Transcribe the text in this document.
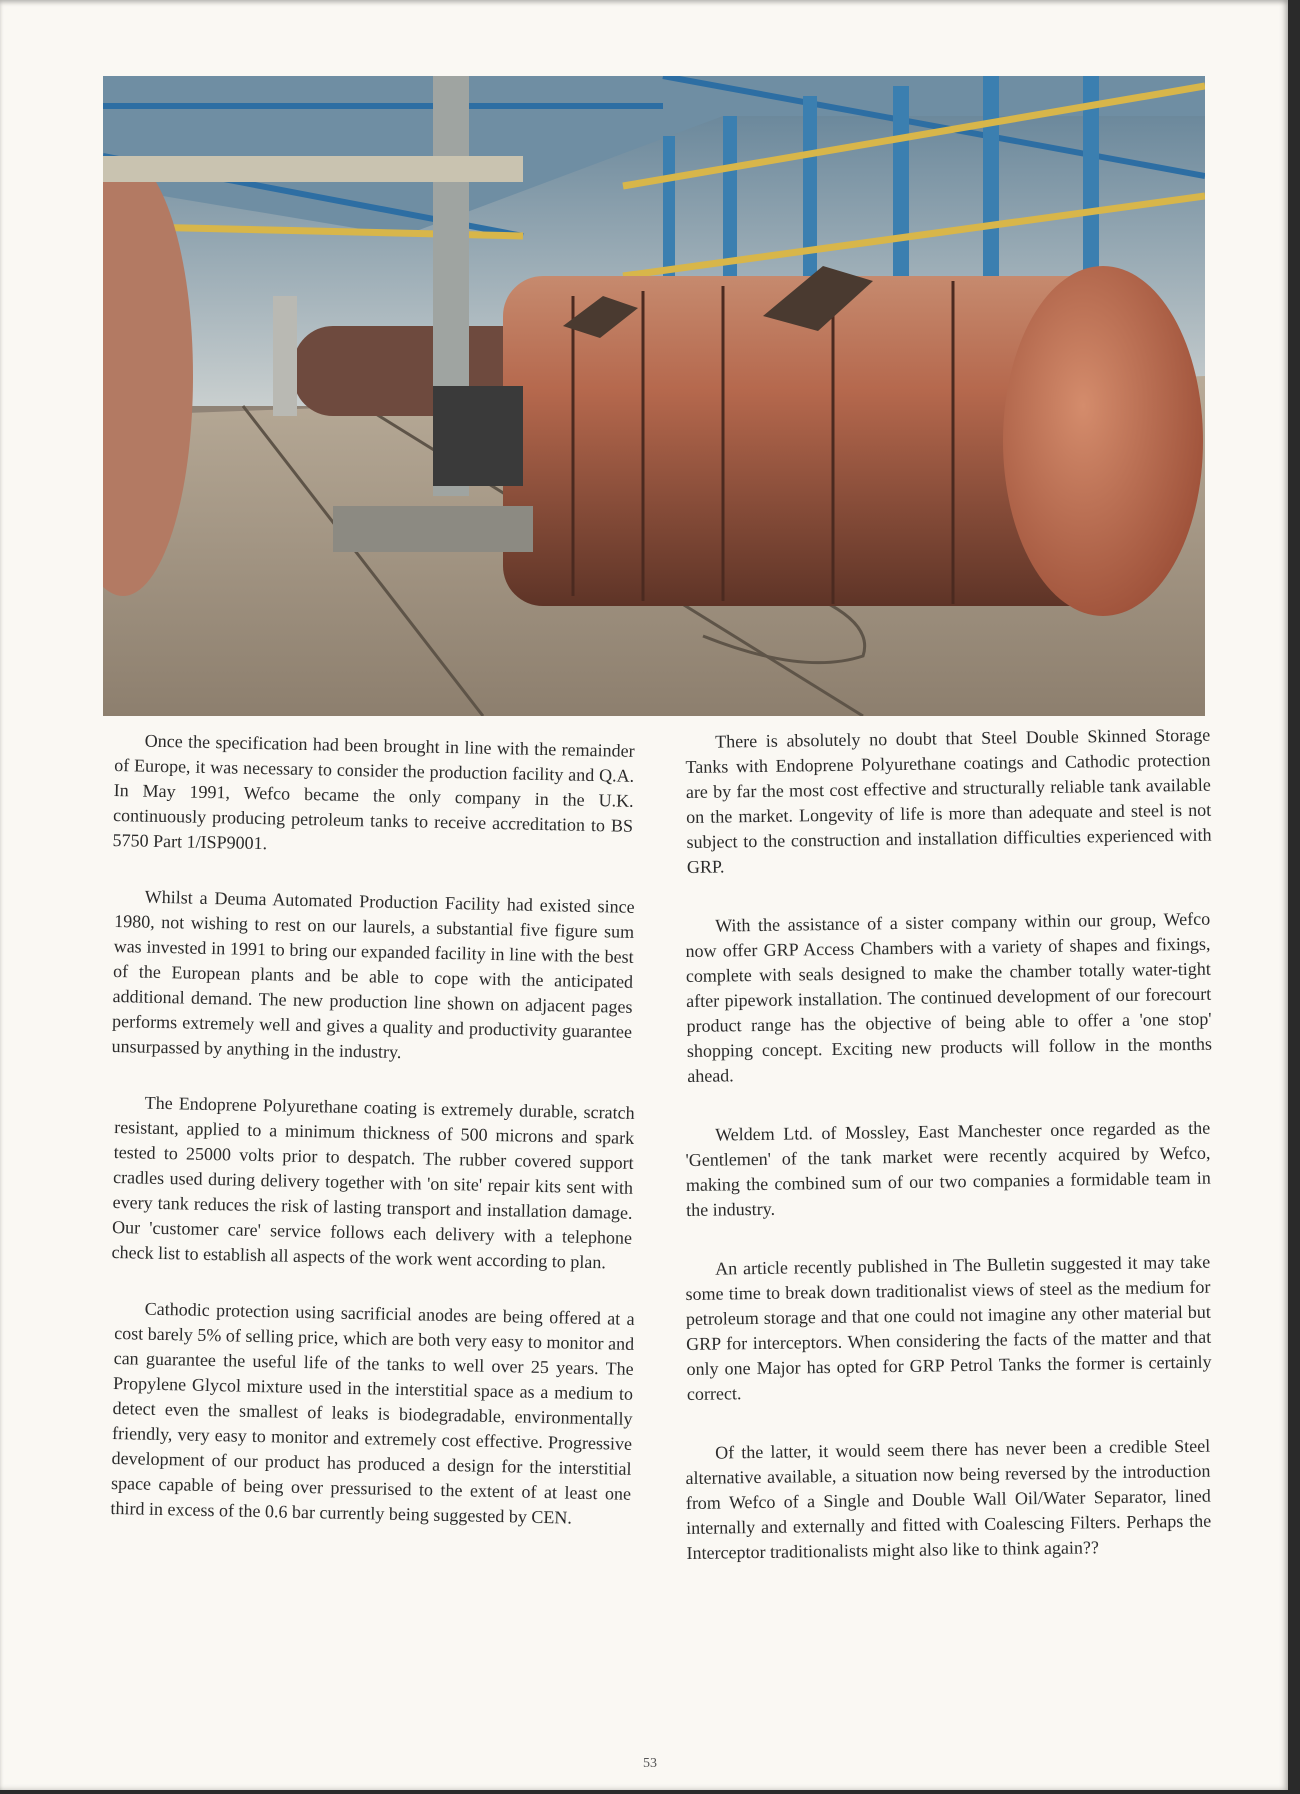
Once the specification had been brought in line with the remainder of Europe, it was necessary to consider the production facility and Q.A. In May 1991, Wefco became the only company in the U.K. continuously producing petroleum tanks to receive accreditation to BS 5750 Part 1/ISP9001.

Whilst a Deuma Automated Production Facility had existed since 1980, not wishing to rest on our laurels, a substantial five figure sum was invested in 1991 to bring our expanded facility in line with the best of the European plants and be able to cope with the anticipated additional demand. The new production line shown on adjacent pages performs extremely well and gives a quality and productivity guarantee unsurpassed by anything in the industry.

The Endoprene Polyurethane coating is extremely durable, scratch resistant, applied to a minimum thickness of 500 microns and spark tested to 25000 volts prior to despatch. The rubber covered support cradles used during delivery together with 'on site' repair kits sent with every tank reduces the risk of lasting transport and installation damage. Our 'customer care' service follows each delivery with a telephone check list to establish all aspects of the work went according to plan.

Cathodic protection using sacrificial anodes are being offered at a cost barely 5% of selling price, which are both very easy to monitor and can guarantee the useful life of the tanks to well over 25 years. The Propylene Glycol mixture used in the interstitial space as a medium to detect even the smallest of leaks is biodegradable, environmentally friendly, very easy to monitor and extremely cost effective. Progressive development of our product has produced a design for the interstitial space capable of being over pressurised to the extent of at least one third in excess of the 0.6 bar currently being suggested by CEN.

There is absolutely no doubt that Steel Double Skinned Storage Tanks with Endoprene Polyurethane coatings and Cathodic protection are by far the most cost effective and structurally reliable tank available on the market. Longevity of life is more than adequate and steel is not subject to the construction and installation difficulties experienced with GRP.

With the assistance of a sister company within our group, Wefco now offer GRP Access Chambers with a variety of shapes and fixings, complete with seals designed to make the chamber totally water-tight after pipework installation. The continued development of our forecourt product range has the objective of being able to offer a 'one stop' shopping concept. Exciting new products will follow in the months ahead.

Weldem Ltd. of Mossley, East Manchester once regarded as the 'Gentlemen' of the tank market were recently acquired by Wefco, making the combined sum of our two companies a formidable team in the industry.

An article recently published in The Bulletin suggested it may take some time to break down traditionalist views of steel as the medium for petroleum storage and that one could not imagine any other material but GRP for interceptors. When considering the facts of the matter and that only one Major has opted for GRP Petrol Tanks the former is certainly correct.

Of the latter, it would seem there has never been a credible Steel alternative available, a situation now being reversed by the introduction from Wefco of a Single and Double Wall Oil/Water Separator, lined internally and externally and fitted with Coalescing Filters. Perhaps the Interceptor traditionalists might also like to think again??

53
